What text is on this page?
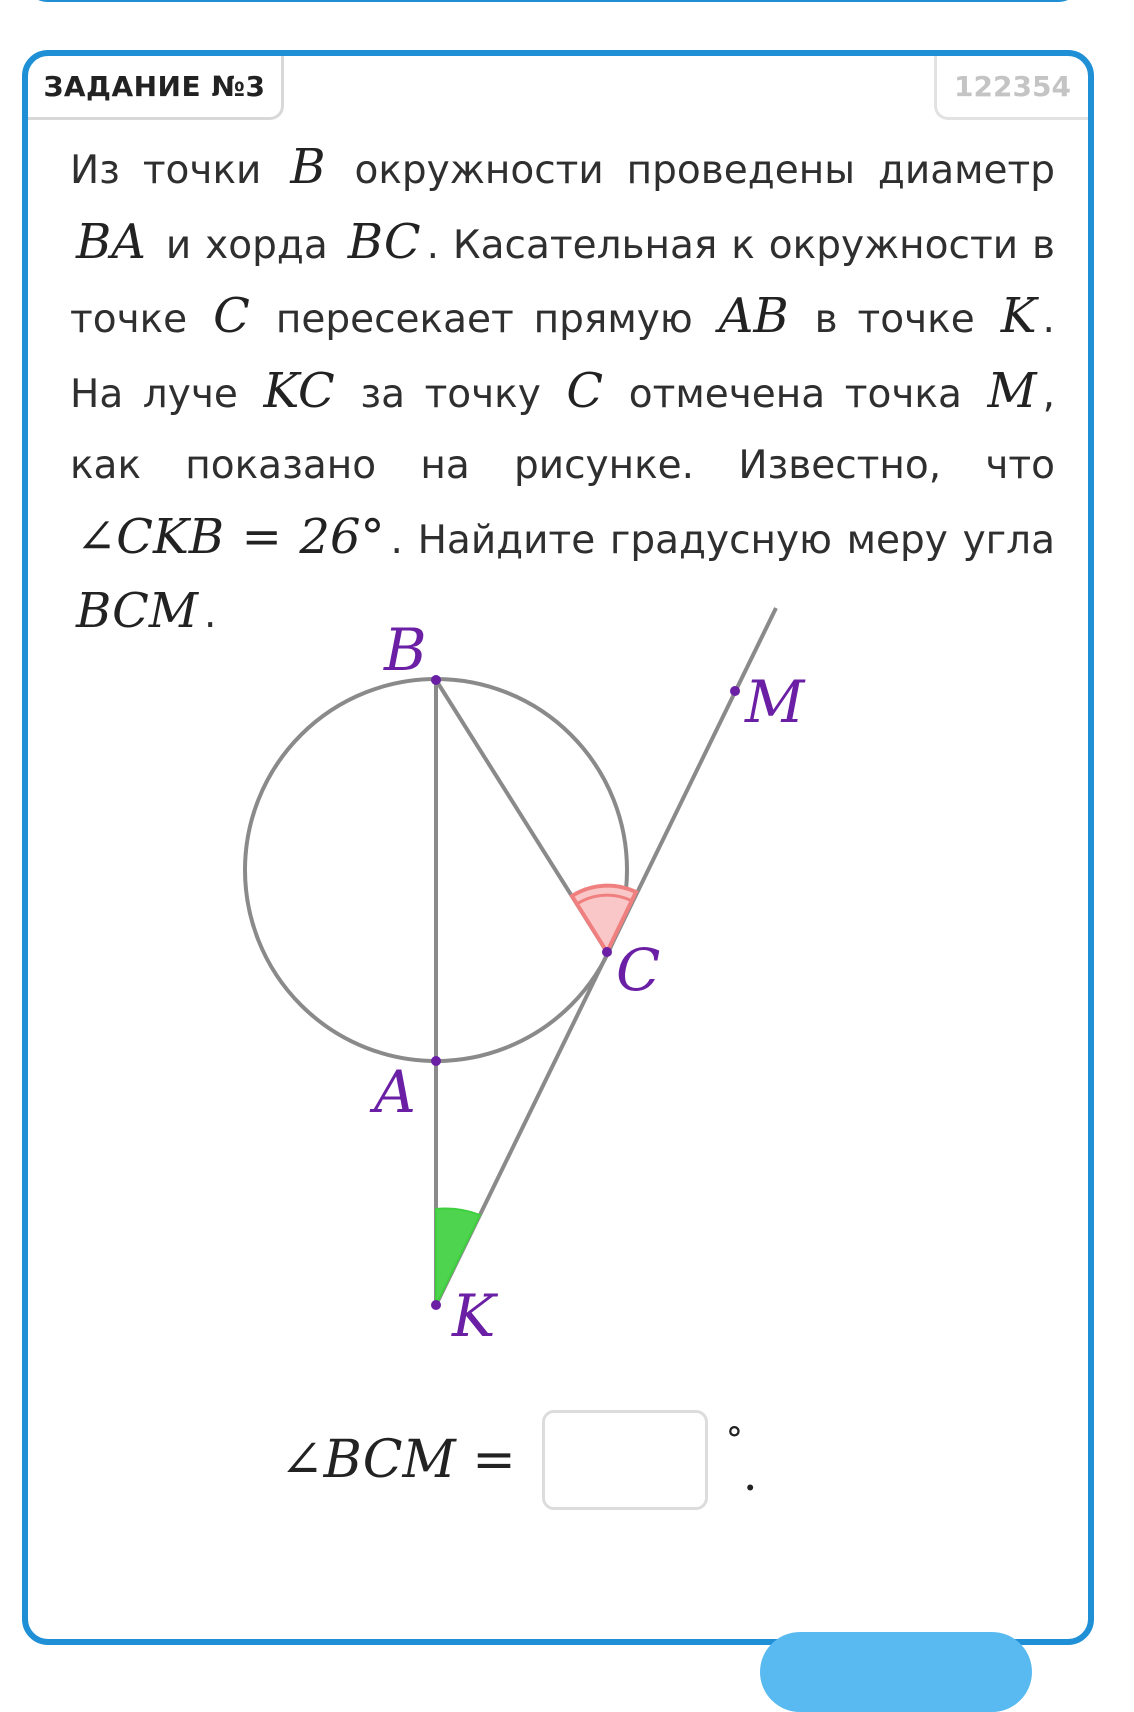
ЗАДАНИЕ №3	122354
Из точки B окружности проведены диаметр BA и хорда BC . Касательная к окружности в точке C пересекает прямую AB в точке K . На луче KC за точку C отмечена точка M , как показано на рисунке. Известно, что ∠CKB = 26° . Найдите градусную меру угла BCM .
B
M
C
A
K
∠BCM =	°
.
